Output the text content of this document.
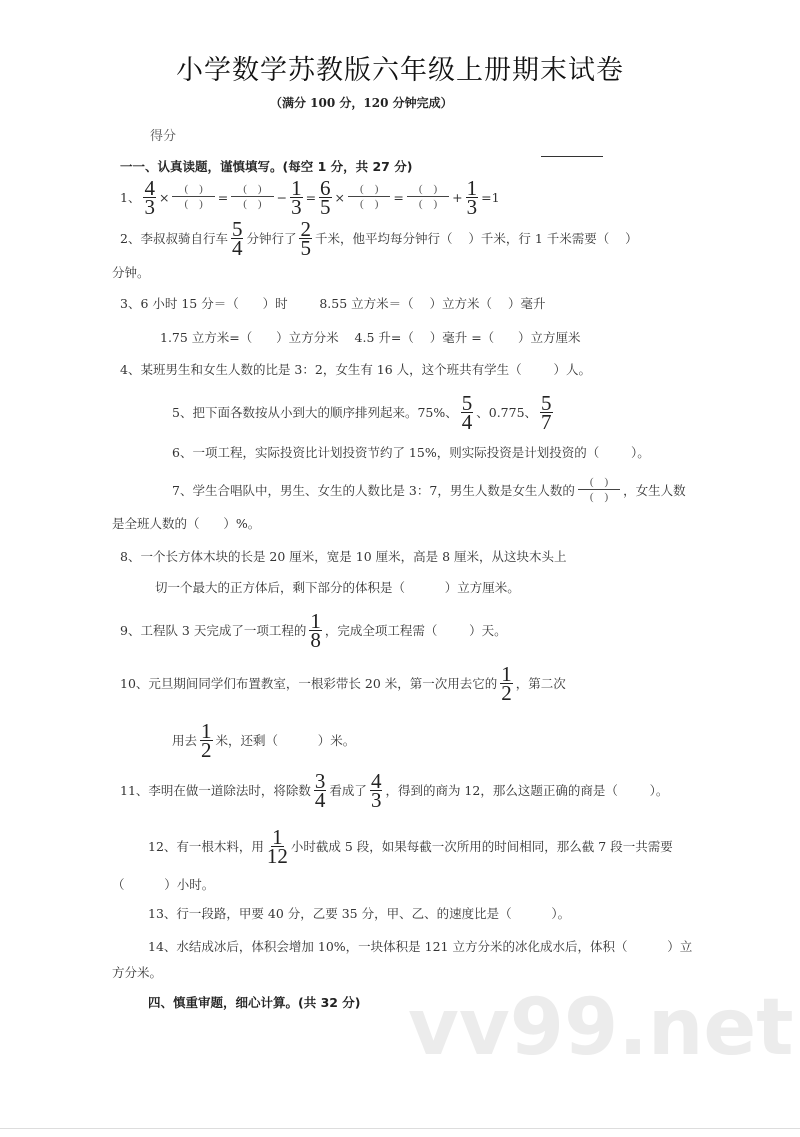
小学数学苏教版六年级上册期末试卷
（满分 100 分，120 分钟完成）
得分
vv99.net
一一、认真读题，谨慎填写。(每空 1 分，共 27 分)
1、 $\frac{4}{3} \times \frac{( )}{( )} = \frac{( )}{( )} - \frac{1}{3} = \frac{6}{5} \times \frac{( )}{( )} = \frac{( )}{( )} + \frac{1}{3} =1$
2、李叔叔骑自行车 $\frac{5}{4}$ 分钟行了 $\frac{2}{5}$ 千米，他平均每分钟行（    ）千米，行 1 千米需要（    ）
分钟。
3、6 小时 15 分＝（      ）时        8.55 立方米＝（    ）立方米（    ）毫升
1.75 立方米=（      ）立方分米    4.5 升=（    ）毫升 =（      ）立方厘米
4、某班男生和女生人数的比是 3：2，女生有 16 人，这个班共有学生（        ）人。
5、把下面各数按从小到大的顺序排列起来。75%、 $\frac{5}{4}$ 、0.775、 $\frac{5}{7}$
6、一项工程，实际投资比计划投资节约了 15%，则实际投资是计划投资的（        ）。
7、学生合唱队中，男生、女生的人数比是 3：7，男生人数是女生人数的 $\frac{( )}{( )}$ ，女生人数
是全班人数的（      ）%。
8、一个长方体木块的长是 20 厘米，宽是 10 厘米，高是 8 厘米，从这块木头上
切一个最大的正方体后，剩下部分的体积是（          ）立方厘米。
9、工程队 3 天完成了一项工程的 $\frac{1}{8}$ ，完成全项工程需（        ）天。
10、元旦期间同学们布置教室，一根彩带长 20 米，第一次用去它的 $\frac{1}{2}$ ，第二次
用去 $\frac{1}{2}$ 米，还剩（          ）米。
11、李明在做一道除法时，将除数 $\frac{3}{4}$ 看成了 $\frac{4}{3}$ ，得到的商为 12，那么这题正确的商是（        ）。
12、有一根木料，用 $\frac{1}{12}$ 小时截成 5 段，如果每截一次所用的时间相同，那么截 7 段一共需要
（          ）小时。
13、行一段路，甲要 40 分，乙要 35 分，甲、乙、的速度比是（          ）。
14、水结成冰后，体积会增加 10%，一块体积是 121 立方分米的冰化成水后，体积（          ）立
方分米。
四、慎重审题，细心计算。(共 32 分)
